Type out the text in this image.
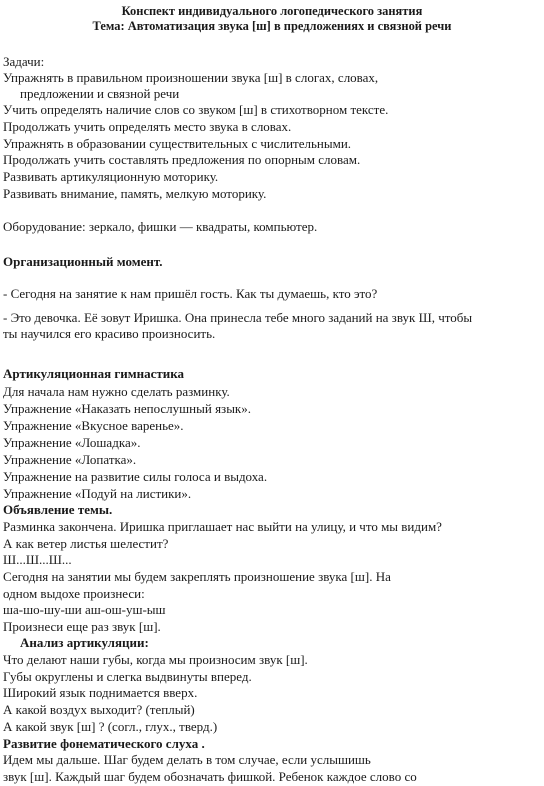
Конспект индивидуального логопедического занятия
Тема: Автоматизация звука [ш] в предложениях и связной речи
Задачи:
Упражнять в правильном произношении звука [ш] в слогах, словах,
предложении и связной речи
Учить определять наличие слов со звуком [ш] в стихотворном тексте.
Продолжать учить определять место звука в словах.
Упражнять в образовании существительных с числительными.
Продолжать учить составлять предложения по опорным словам.
Развивать артикуляционную моторику.
Развивать внимание, память, мелкую моторику.
Оборудование: зеркало, фишки — квадраты, компьютер.
Организационный момент.
- Сегодня на занятие к нам пришёл гость. Как ты думаешь, кто это?
- Это девочка. Её зовут Иришка. Она принесла тебе много заданий на звук Ш, чтобы
ты научился его красиво произносить.
Артикуляционная гимнастика
Для начала нам нужно сделать разминку.
Упражнение «Наказать непослушный язык».
Упражнение «Вкусное варенье».
Упражнение «Лошадка».
Упражнение «Лопатка».
Упражнение на развитие силы голоса и выдоха.
Упражнение «Подуй на листики».
Объявление темы.
Разминка закончена. Иришка приглашает нас выйти на улицу, и что мы видим?
А как ветер листья шелестит?
Ш...Ш...Ш...
Сегодня на занятии мы будем закреплять произношение звука [ш]. На
одном выдохе произнеси:
ша-шо-шу-ши аш-ош-уш-ыш
Произнеси еще раз звук [ш].
Анализ артикуляции:
Что делают наши губы, когда мы произносим звук [ш].
Губы округлены и слегка выдвинуты вперед.
Широкий язык поднимается вверх.
А какой воздух выходит? (теплый)
А какой звук [ш] ? (согл., глух., тверд.)
Развитие фонематического слуха .
Идем мы дальше. Шаг будем делать в том случае, если услышишь
звук [ш]. Каждый шаг будем обозначать фишкой. Ребенок каждое слово со
